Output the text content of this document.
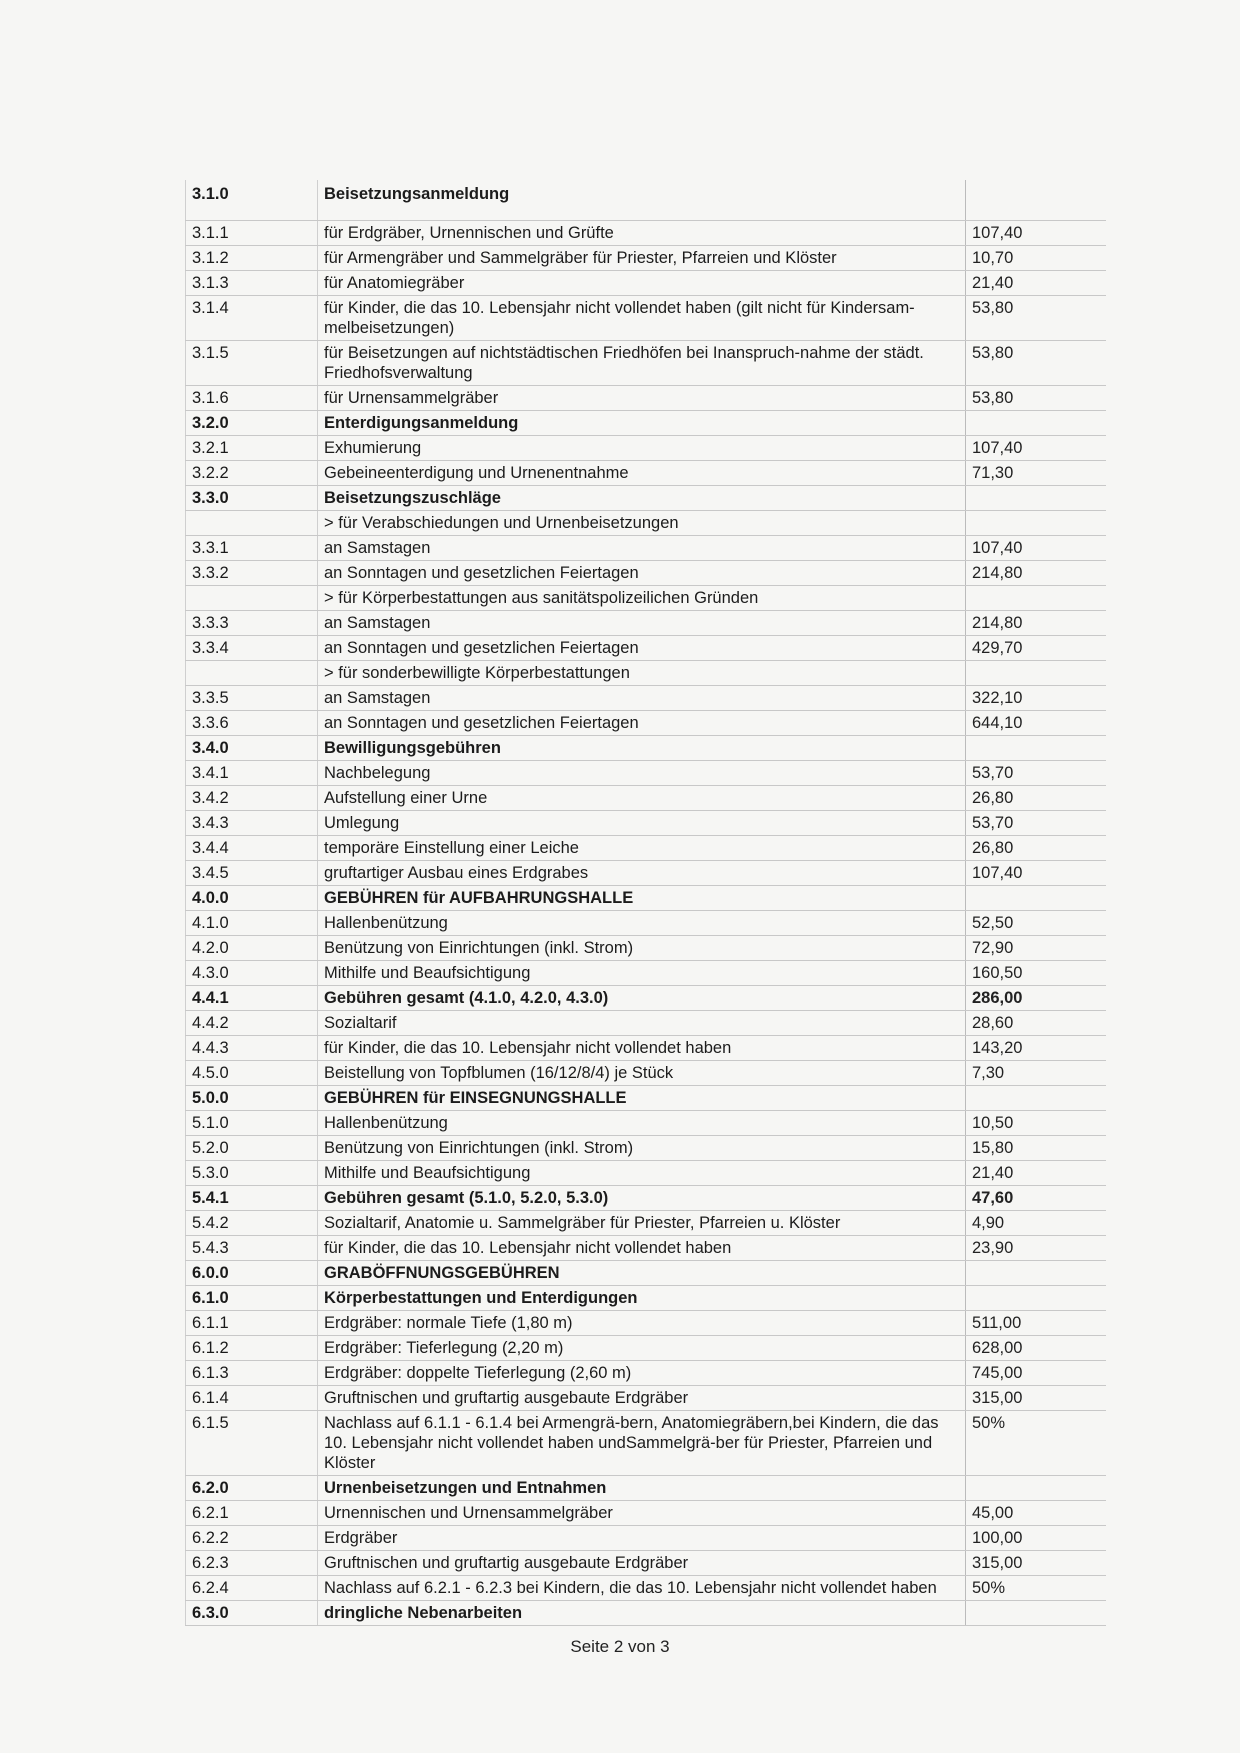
3.1.0	Beisetzungsanmeldung	
3.1.1	für Erdgräber, Urnennischen und Grüfte	107,40
3.1.2	für Armengräber und Sammelgräber für Priester, Pfarreien und Klöster	10,70
3.1.3	für Anatomiegräber	21,40
3.1.4	für Kinder, die das 10. Lebensjahr nicht vollendet haben (gilt nicht für Kindersam-melbeisetzungen)	53,80
3.1.5	für Beisetzungen auf nichtstädtischen Friedhöfen bei Inanspruch-nahme der städt. Friedhofsverwaltung	53,80
3.1.6	für Urnensammelgräber	53,80
3.2.0	Enterdigungsanmeldung	
3.2.1	Exhumierung	107,40
3.2.2	Gebeineenterdigung und Urnenentnahme	71,30
3.3.0	Beisetzungszuschläge	
	> für Verabschiedungen und Urnenbeisetzungen	
3.3.1	an Samstagen	107,40
3.3.2	an Sonntagen und gesetzlichen Feiertagen	214,80
	> für Körperbestattungen aus sanitätspolizeilichen Gründen	
3.3.3	an Samstagen	214,80
3.3.4	an Sonntagen und gesetzlichen Feiertagen	429,70
	> für sonderbewilligte Körperbestattungen	
3.3.5	an Samstagen	322,10
3.3.6	an Sonntagen und gesetzlichen Feiertagen	644,10
3.4.0	Bewilligungsgebühren	
3.4.1	Nachbelegung	53,70
3.4.2	Aufstellung einer Urne	26,80
3.4.3	Umlegung	53,70
3.4.4	temporäre Einstellung einer Leiche	26,80
3.4.5	gruftartiger Ausbau eines Erdgrabes	107,40
4.0.0	GEBÜHREN für AUFBAHRUNGSHALLE	
4.1.0	Hallenbenützung	52,50
4.2.0	Benützung von Einrichtungen (inkl. Strom)	72,90
4.3.0	Mithilfe und Beaufsichtigung	160,50
4.4.1	Gebühren gesamt (4.1.0, 4.2.0, 4.3.0)	286,00
4.4.2	Sozialtarif	28,60
4.4.3	für Kinder, die das 10. Lebensjahr nicht vollendet haben	143,20
4.5.0	Beistellung von Topfblumen (16/12/8/4) je Stück	7,30
5.0.0	GEBÜHREN für EINSEGNUNGSHALLE	
5.1.0	Hallenbenützung	10,50
5.2.0	Benützung von Einrichtungen (inkl. Strom)	15,80
5.3.0	Mithilfe und Beaufsichtigung	21,40
5.4.1	Gebühren gesamt (5.1.0, 5.2.0, 5.3.0)	47,60
5.4.2	Sozialtarif, Anatomie u. Sammelgräber für Priester, Pfarreien u. Klöster	4,90
5.4.3	für Kinder, die das 10. Lebensjahr nicht vollendet haben	23,90
6.0.0	GRABÖFFNUNGSGEBÜHREN	
6.1.0	Körperbestattungen und Enterdigungen	
6.1.1	Erdgräber: normale Tiefe (1,80 m)	511,00
6.1.2	Erdgräber: Tieferlegung (2,20 m)	628,00
6.1.3	Erdgräber: doppelte Tieferlegung (2,60 m)	745,00
6.1.4	Gruftnischen und gruftartig ausgebaute Erdgräber	315,00
6.1.5	Nachlass auf 6.1.1 - 6.1.4 bei Armengrä-bern, Anatomiegräbern,bei Kindern, die das 10. Lebensjahr nicht vollendet haben undSammelgrä-ber für Priester, Pfarreien und Klöster	50%
6.2.0	Urnenbeisetzungen und Entnahmen	
6.2.1	Urnennischen und Urnensammelgräber	45,00
6.2.2	Erdgräber	100,00
6.2.3	Gruftnischen und gruftartig ausgebaute Erdgräber	315,00
6.2.4	Nachlass auf 6.2.1 - 6.2.3 bei Kindern, die das 10. Lebensjahr nicht vollendet haben	50%
6.3.0	dringliche Nebenarbeiten	
Seite 2 von 3
